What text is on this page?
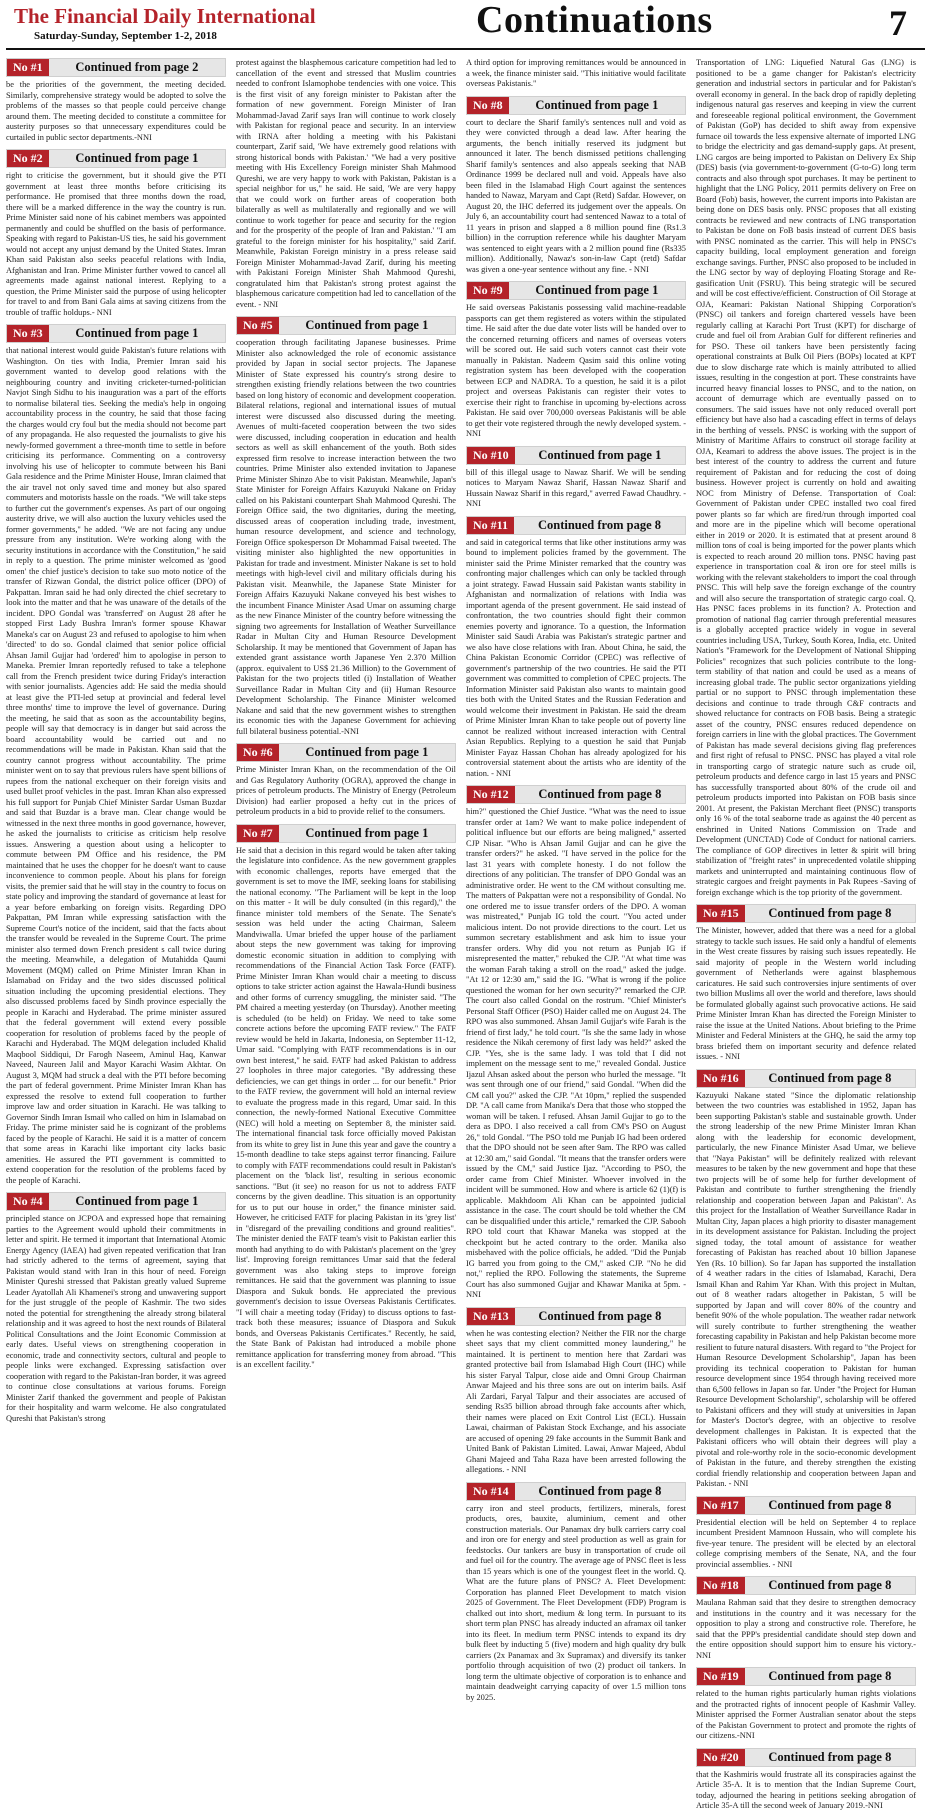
The Financial Daily International
Saturday-Sunday, September 1-2, 2018	Continuations	7
No #1	Continued from page 2
be the priorities of the government, the meeting decided. Similarly, comprehensive strategy would be adopted to solve the problems of the masses so that people could perceive change around them. The meeting decided to constitute a committee for austerity purposes so that unnecessary expenditures could be curtailed in public sector departments.-NNI
No #2	Continued from page 1
right to criticise the government, but it should give the PTI government at least three months before criticising its performance. He promised that three months down the road, there will be a marked difference in the way the country is run. Prime Minister said none of his cabinet members was appointed permanently and could be shuffled on the basis of performance. Speaking with regard to Pakistan-US ties, he said his government would not accept any unjust demand by the United States. Imran Khan said Pakistan also seeks peaceful relations with India, Afghanistan and Iran. Prime Minister further vowed to cancel all agreements made against national interest. Replying to a question, the Prime Minister said the purpose of using helicopter for travel to and from Bani Gala aims at saving citizens from the trouble of traffic holdups.- NNI
No #3	Continued from page 1
that national interest would guide Pakistan's future relations with Washington. On ties with India, Premier Imran said his government wanted to develop good relations with the neighbouring country and inviting cricketer-turned-politician Navjot Singh Sidhu to his inauguration was a part of the efforts to normalise bilateral ties. Seeking the media's help in ongoing accountability process in the country, he said that those facing the charges would cry foul but the media should not become part of any propaganda. He also requested the journalists to give his newly-formed government a three-month time to settle in before criticising its performance. Commenting on a controversy involving his use of helicopter to commute between his Bani Gala residence and the Prime Minister House, Imran claimed that the air travel not only saved time and money but also spared commuters and motorists hassle on the roads. "We will take steps to further cut the government's expenses. As part of our ongoing austerity drive, we will also auction the luxury vehicles used the former governments," he added. "We are not facing any undue pressure from any institution. We're working along with the security institutions in accordance with the Constitution," he said in reply to a question. The prime minister welcomed as 'good omen' the chief justice's decision to take suo moto notice of the transfer of Rizwan Gondal, the district police officer (DPO) of Pakpattan. Imran said he had only directed the chief secretary to look into the matter and that he was unaware of the details of the incident. DPO Gondal was 'transferred' on August 28 after he stopped First Lady Bushra Imran's former spouse Khawar Maneka's car on August 23 and refused to apologise to him when 'directed' to do so. Gondal claimed that senior police official Ahsan Jamil Gujjar had 'ordered' him to apologise in person to Maneka. Premier Imran reportedly refused to take a telephone call from the French president twice during Friday's interaction with senior journalists. Agencies add: He said the media should at least give the PTI-led setup at provincial and federal level three months' time to improve the level of governance. During the meeting, he said that as soon as the accountability begins, people will say that democracy is in danger but said across the board accountability would be carried out and no recommendations will be made in Pakistan. Khan said that the country cannot progress without accountability. The prime minister went on to say that previous rulers have spent billions of rupees from the national exchequer on their foreign visits and used bullet proof vehicles in the past. Imran Khan also expressed his full support for Punjab Chief Minister Sardar Usman Buzdar and said that Buzdar is a brave man. Clear change would be witnessed in the next three months in good governance, however, he asked the journalists to criticise as criticism help resolve issues. Answering a question about using a helicopter to commute between PM Office and his residence, the PM maintained that he uses the chopper for he doesn't want to cause inconvenience to common people. About his plans for foreign visits, the premier said that he will stay in the country to focus on state policy and improving the standard of governance at least for a year before embarking on foreign visits. Regarding DPO Pakpattan, PM Imran while expressing satisfaction with the Supreme Court's notice of the incident, said that the facts about the transfer would be revealed in the Supreme Court. The prime minister also termed down French president s call twice during the meeting. Meanwhile, a delegation of Mutahidda Qaumi Movement (MQM) called on Prime Minister Imran Khan in Islamabad on Friday and the two sides discussed political situation including the upcoming presidential elections. They also discussed problems faced by Sindh province especially the people in Karachi and Hyderabad. The prime minister assured that the federal government will extend every possible cooperation for resolution of problems faced by the people of Karachi and Hyderabad. The MQM delegation included Khalid Maqbool Siddiqui, Dr Farogh Naseem, Aminul Haq, Kanwar Naveed, Naureen Jalil and Mayor Karachi Wasim Akhtar. On August 3, MQM had struck a deal with the PTI before becoming the part of federal government. Prime Minister Imran Khan has expressed the resolve to extend full cooperation to further improve law and order situation in Karachi. He was talking to Governor Sindh Imran Ismail who called on him in Islamabad on Friday. The prime minister said he is cognizant of the problems faced by the people of Karachi. He said it is a matter of concern that some areas in Karachi like important city lacks basic amenities. He assured the PTI government is committed to extend cooperation for the resolution of the problems faced by the people of Karachi.
No #4	Continued from page 1
principled stance on JCPOA and expressed hope that remaining parties to the Agreement would uphold their commitments in letter and spirit. He termed it important that International Atomic Energy Agency (IAEA) had given repeated verification that Iran had strictly adhered to the terms of agreement, saying that Pakistan would stand with Iran in this hour of need. Foreign Minister Qureshi stressed that Pakistan greatly valued Supreme Leader Ayatollah Ali Khamenei's strong and unwavering support for the just struggle of the people of Kashmir. The two sides noted the potential for strengthening the already strong bilateral relationship and it was agreed to host the next rounds of Bilateral Political Consultations and the Joint Economic Commission at early dates. Useful views on strengthening cooperation in economic, trade and connectivity sectors, cultural and people to people links were exchanged. Expressing satisfaction over cooperation with regard to the Pakistan-Iran border, it was agreed to continue close consultations at various forums. Foreign Minister Zarif thanked the government and people of Pakistan for their hospitality and warm welcome. He also congratulated Qureshi that Pakistan's strong
protest against the blasphemous caricature competition had led to cancellation of the event and stressed that Muslim countries needed to confront Islamophobe tendencies with one voice. This is the first visit of any foreign minister to Pakistan after the formation of new government. Foreign Minister of Iran Mohammad-Javad Zarif says Iran will continue to work closely with Pakistan for regional peace and security. In an interview with IRNA after holding a meeting with his Pakistani counterpart, Zarif said, 'We have extremely good relations with strong historical bonds with Pakistan.' "We had a very positive meeting with His Excellency Foreign minister Shah Mahmood Qureshi, we are very happy to work with Pakistan, Pakistan is a special neighbor for us," he said. He said, 'We are very happy that we could work on further areas of cooperation both bilaterally as well as multilaterally and regionally and we will continue to work together for peace and security for the region and for the prosperity of the people of Iran and Pakistan.' "I am grateful to the foreign minister for his hospitality," said Zarif. Meanwhile, Pakistan Foreign ministry in a press release said Foreign Minister Mohammad-Javad Zarif, during his meeting with Pakistani Foreign Minister Shah Mahmood Qureshi, congratulated him that Pakistan's strong protest against the blasphemous caricature competition had led to cancellation of the event. - NNI
No #5	Continued from page 1
cooperation through facilitating Japanese businesses. Prime Minister also acknowledged the role of economic assistance provided by Japan in social sector projects. The Japanese Minister of State expressed his country's strong desire to strengthen existing friendly relations between the two countries based on long history of economic and development cooperation. Bilateral relations, regional and international issues of mutual interest were discussed also discussed during the meeting. Avenues of multi-faceted cooperation between the two sides were discussed, including cooperation in education and health sectors as well as skill enhancement of the youth. Both sides expressed firm resolve to increase interaction between the two countries. Prime Minister also extended invitation to Japanese Prime Minister Shinzo Abe to visit Pakistan. Meanwhile, Japan's State Minister for Foreign Affairs Kazuyuki Nakane on Friday called on his Pakistani counterpart Shah Mahmood Qureshi. The Foreign Office said, the two dignitaries, during the meeting, discussed areas of cooperation including trade, investment, human resource development, and science and technology, Foreign Office spokesperson Dr Mohammad Faisal tweeted. The visiting minister also highlighted the new opportunities in Pakistan for trade and investment. Minister Nakane is set to hold meetings with high-level civil and military officials during his Pakistan visit. Meanwhile, the Japanese State Minister for Foreign Affairs Kazuyuki Nakane conveyed his best wishes to the incumbent Finance Minister Asad Umar on assuming charge as the new Finance Minister of the country before witnessing the signing two agreements for Installation of Weather Surveillance Radar in Multan City and Human Resource Development Scholarship. It may be mentioned that Government of Japan has extended grant assistance worth Japanese Yen 2.370 Million (approx. equivalent to US$ 21.36 Million) to the Government of Pakistan for the two projects titled (i) Installation of Weather Surveillance Radar in Multan City and (ii) Human Resource Development Scholarship. The Finance Minister welcomed Nakane and said that the new government wishes to strengthen its economic ties with the Japanese Government for achieving full bilateral business potential.-NNI
No #6	Continued from page 1
Prime Minister Imran Khan, on the recommendation of the Oil and Gas Regulatory Authority (OGRA), approved the change in prices of petroleum products. The Ministry of Energy (Petroleum Division) had earlier proposed a hefty cut in the prices of petroleum products in a bid to provide relief to the consumers.
No #7	Continued from page 1
He said that a decision in this regard would be taken after taking the legislature into confidence. As the new government grapples with economic challenges, reports have emerged that the government is set to move the IMF, seeking loans for stabilising the national economy. "The Parliament will be kept in the loop on this matter - It will be duly consulted (in this regard)," the finance minister told members of the Senate. The Senate's session was held under the acting Chairman, Saleem Mandviwalla. Umar briefed the upper house of the parliament about steps the new government was taking for improving domestic economic situation in addition to complying with recommendations of the Financial Action Task Force (FATF). Prime Minister Imran Khan would chair a meeting to discuss options to take stricter action against the Hawala-Hundi business and other forms of currency smuggling, the minister said. "The PM chaired a meeting yesterday (on Thursday). Another meeting is scheduled (to be held) on Friday. We need to take some concrete actions before the upcoming FATF review." The FATF review would be held in Jakarta, Indonesia, on September 11-12, Umar said. "Complying with FATF recommendations is in our own best interest," he said. FATF had asked Pakistan to address 27 loopholes in three major categories. "By addressing these deficiencies, we can get things in order ... for our benefit." Prior to the FATF review, the government will hold an internal review to evaluate the progress made in this regard, Umar said. In this connection, the newly-formed National Executive Committee (NEC) will hold a meeting on September 8, the minister said. The international financial task force officially moved Pakistan from its white to grey list in June this year and gave the country a 15-month deadline to take steps against terror financing. Failure to comply with FATF recommendations could result in Pakistan's placement on the 'black list', resulting in serious economic sanctions. "But (it see) no reason for us not to address FATF concerns by the given deadline. This situation is an opportunity for us to put our house in order," the finance minister said. However, he criticised FATF for placing Pakistan in its 'grey list' in "disregard of the prevailing conditions and ground realities". The minister denied the FATF team's visit to Pakistan earlier this month had anything to do with Pakistan's placement on the 'grey list'. Improving foreign remittances Umar said that the federal government was also taking steps to improve foreign remittances. He said that the government was planning to issue Diaspora and Sukuk bonds. He appreciated the previous government's decision to issue Overseas Pakistanis Certificates. "I will chair a meeting today (Friday) to discuss options to fast-track both these measures; issuance of Diaspora and Sukuk bonds, and Overseas Pakistanis Certificates." Recently, he said, the State Bank of Pakistan had introduced a mobile phone remittance application for transferring money from abroad. "This is an excellent facility."
A third option for improving remittances would be announced in a week, the finance minister said. "This initiative would facilitate overseas Pakistanis."
No #8	Continued from page 1
court to declare the Sharif family's sentences null and void as they were convicted through a dead law. After hearing the arguments, the bench initially reserved its judgment but announced it later. The bench dismissed petitions challenging Sharif family's sentences and also appeals seeking that NAB Ordinance 1999 be declared null and void. Appeals have also been filed in the Islamabad High Court against the sentences handed to Nawaz, Maryam and Capt (Retd) Safdar. However, on August 20, the IHC deferred its judgement over the appeals. On July 6, an accountability court had sentenced Nawaz to a total of 11 years in prison and slapped a 8 million pound fine (Rs1.3 billion) in the corruption reference while his daughter Maryam was sentenced to eight years with a 2 million pound fine (Rs335 million). Additionally, Nawaz's son-in-law Capt (retd) Safdar was given a one-year sentence without any fine. - NNI
No #9	Continued from page 1
He said overseas Pakistanis possessing valid machine-readable passports can get them registered as voters within the stipulated time. He said after the due date voter lists will be handed over to the concerned returning officers and names of overseas voters will be scored out. He said such voters cannot cast their vote manually in Pakistan. Nadeem Qasim said this online voting registration system has been developed with the cooperation between ECP and NADRA. To a question, he said it is a pilot project and overseas Pakistanis can register their votes to exercise their right to franchise in upcoming by-elections across Pakistan. He said over 700,000 overseas Pakistanis will be able to get their vote registered through the newly developed system. - NNI
No #10	Continued from page 1
bill of this illegal usage to Nawaz Sharif. We will be sending notices to Maryam Nawaz Sharif, Hassan Nawaz Sharif and Hussain Nawaz Sharif in this regard," averred Fawad Chaudhry. - NNI
No #11	Continued from page 8
and said in categorical terms that like other institutions army was bound to implement policies framed by the government. The minister said the Prime Minister remarked that the country was confronting major challenges which can only be tackled through a joint strategy. Fawad Hussain said Pakistan wants stability in Afghanistan and normalization of relations with India was important agenda of the present government. He said instead of confrontation, the two countries should fight their common enemies poverty and ignorance. To a question, the Information Minister said Saudi Arabia was Pakistan's strategic partner and we also have close relations with Iran. About China, he said, the China Pakistan Economic Corridor (CPEC) was reflective of government's partnership of the two countries. He said the PTI government was committed to completion of CPEC projects. The Information Minister said Pakistan also wants to maintain good ties both with the United States and the Russian Federation and would welcome their investment in Pakistan. He said the dream of Prime Minister Imran Khan to take people out of poverty line cannot be realized without increased interaction with Central Asian Republics. Replying to a question he said that Punjab Minister Fayaz Hassan Chohan has already apologized for his controversial statement about the artists who are identity of the nation. - NNI
No #12	Continued from page 8
him?" questioned the Chief Justice. "What was the need to issue transfer order at 1am? We want to make police independent of political influence but our efforts are being maligned," asserted CJP Nisar. "Who is Ahsan Jamil Gujjar and can he give the transfer orders?" he asked. "I have served in the police for the last 31 years with complete honesty. I do not follow the directions of any politician. The transfer of DPO Gondal was an administrative order. He went to the CM without consulting me. The matters of Pakpattan were not a responsibility of Gondal. No one ordered me to issue transfer orders of the DPO. A woman was mistreated," Punjab IG told the court. "You acted under malicious intent. Do not provide directions to the court. Let us summon secretary establishment and ask him to issue your transfer orders. Why did you not return as Punjab IG if misrepresented the matter," rebuked the CJP. "At what time was the woman Farah taking a stroll on the road," asked the judge. "At 12 or 12:30 am," said the IG. "What is wrong if the police questioned the woman for her own security?" remarked the CJP. The court also called Gondal on the rostrum. "Chief Minister's Personal Staff Officer (PSO) Haider called me on August 24. The RPO was also summoned. Ahsan Jamil Gujjar's wife Farah is the friend of first lady," he told court. "Is she the same lady in whose residence the Nikah ceremony of first lady was held?" asked the CJP. "Yes, she is the same lady. I was told that I did not implement on the message sent to me," revealed Gondal. Justice Ijazul Ahsan asked about the person who hurled the message. "It was sent through one of our friend," said Gondal. "When did the CM call you?" asked the CJP. "At 10pm," replied the suspended DP. "A call came from Manika's Dera that those who stopped the woman will be taken. I refused. Ahsan Jamil Gujjar to go to the dera as DPO. I also received a call from CM's PSO on August 26," told Gondal. "The PSO told me Punjab IG had been ordered that the DPO should not be seen after 9am. The RPO was called at 12:30 am," said Gondal. "It means that the transfer orders were issued by the CM," said Justice Ijaz. "According to PSO, the order came from Chief Minister. Whoever involved in the incident will be summoned. How and where is article 62 (1)(f) is applicable. Makhdoom Ali Khan can be appointed judicial assistance in the case. The court should be told whether the CM can be disqualified under this article," remarked the CJP. Sabooh RPO told court that Khawar Maneka was stopped at the checkpoint but he acted contrary to the order. Manika also misbehaved with the police officials, he added. "Did the Punjab IG barred you from going to the CM," asked CJP. "No he did not," replied the RPO. Following the statements, the Supreme Court has also summoned Gujjar and Khawar Manika at 5pm. - NNI
No #13	Continued from page 8
when he was contesting election? Neither the FIR nor the charge sheet says that my client committed money laundering," he maintained. It is pertinent to mention here that Zardari was granted protective bail from Islamabad High Court (IHC) while his sister Faryal Talpur, close aide and Omni Group Chairman Anwar Majeed and his three sons are out on interim bails. Asif Ali Zardari, Faryal Talpur and their associates are accused of sending Rs35 billion abroad through fake accounts after which, their names were placed on Exit Control List (ECL). Hussain Lawai, chairman of Pakistan Stock Exchange, and his associate are accused of opening 29 fake accounts in the Summit Bank and United Bank of Pakistan Limited. Lawai, Anwar Majeed, Abdul Ghani Majeed and Taha Raza have been arrested following the allegations. - NNI
No #14	Continued from page 8
carry iron and steel products, fertilizers, minerals, forest products, ores, bauxite, aluminium, cement and other construction materials. Our Panamax dry bulk carriers carry coal and iron ore for energy and steel production as well as grain for feedstocks. Our tankers are busy in transportation of crude oil and fuel oil for the country. The average age of PNSC fleet is less than 15 years which is one of the youngest fleet in the world. Q. What are the future plans of PNSC? A. Fleet Development: Corporation has planned Fleet Development to match vision 2025 of Government. The Fleet Development (FDP) Program is chalked out into short, medium & long term. In pursuant to its short term plan PNSC has already inducted an aframax oil tanker into its fleet. In medium term PNSC intends to expand its dry bulk fleet by inducting 5 (five) modern and high quality dry bulk carriers (2x Panamax and 3x Supramax) and diversify its tanker portfolio through acquisition of two (2) product oil tankers. In long term the ultimate objective of corporation is to enhance and maintain deadweight carrying capacity of over 1.5 million tons by 2025.
Transportation of LNG: Liquefied Natural Gas (LNG) is positioned to be a game changer for Pakistan's electricity generation and industrial sectors in particular and for Pakistan's overall economy in general. In the back drop of rapidly depleting indigenous natural gas reserves and keeping in view the current and foreseeable regional political environment, the Government of Pakistan (GoP) has decided to shift away from expensive furnace oil towards the less expensive alternate of imported LNG to bridge the electricity and gas demand-supply gaps. At present, LNG cargos are being imported to Pakistan on Delivery Ex Ship (DES) basis (via government-to-government (G-to-G) long term contracts and also through spot purchases. It may be pertinent to highlight that the LNG Policy, 2011 permits delivery on Free on Board (Fob) basis, however, the current imports into Pakistan are being done on DES basis only. PNSC proposes that all existing contracts be reviewed and new contracts of LNG transportation to Pakistan be done on FoB basis instead of current DES basis with PNSC nominated as the carrier. This will help in PNSC's capacity building, local employment generation and foreign exchange savings. Further, PNSC also proposed to be included in the LNG sector by way of deploying Floating Storage and Re-gasification Unit (FSRU). This being strategic will be secured and will be cost effective/efficient. Construction of Oil Storage at OJA, Keamari: Pakistan National Shipping Corporation's (PNSC) oil tankers and foreign chartered vessels have been regularly calling at Karachi Port Trust (KPT) for discharge of crude and fuel oil from Arabian Gulf for different refineries and for PSO. These oil tankers have been persistently facing operational constraints at Bulk Oil Piers (BOPs) located at KPT due to slow discharge rate which is mainly attributed to allied issues, resulting in the congestion at port. These constraints have incurred heavy financial losses to PNSC, and to the nation, on account of demurrage which are eventually passed on to consumers. The said issues have not only reduced overall port efficiency but have also had a cascading effect in terms of delays in the berthing of vessels. PNSC is working with the support of Ministry of Maritime Affairs to construct oil storage facility at OJA, Keamari to address the above issues. The project is in the best interest of the country to address the current and future requirement of Pakistan and for reducing the cost of doing business. However project is currently on hold and awaiting NOC from Ministry of Defense. Transportation of Coal: Government of Pakistan under CPEC installed two coal fired power plants so far which are fired/run through imported coal and more are in the pipeline which will become operational either in 2019 or 2020. It is estimated that at present around 8 million tons of coal is being imported for the power plants which is expected to reach around 20 million tons. PNSC having past experience in transportation coal & iron ore for steel mills is working with the relevant stakeholders to import the coal through PNSC. This will help save the foreign exchange of the country and will also secure the transportation of strategic cargo coal. Q. Has PNSC faces problems in its function? A. Protection and promotion of national flag carrier through preferential measures is a globally accepted practice widely in vogue in several countries including USA, Turkey, South Korea, India, etc. United Nation's "Framework for the Development of National Shipping Policies" recognizes that such policies contribute to the long-term stability of that nation and could be used as a means of increasing global trade. The public sector organizations yielding partial or no support to PNSC through implementation these decisions and continue to trade through C&F contracts and showed reluctance for contracts on FOB basis. Being a strategic asset of the country, PNSC ensures reduced dependence on foreign carriers in line with the global practices. The Government of Pakistan has made several decisions giving flag preferences and first right of refusal to PNSC. PNSC has played a vital role in transporting cargo of strategic nature such as crude oil, petroleum products and defence cargo in last 15 years and PNSC has successfully transported about 80% of the crude oil and petroleum products imported into Pakistan on FOB basis since 2001. At present, the Pakistan Merchant fleet (PNSC) transports only 16 % of the total seaborne trade as against the 40 percent as enshrined in United Nations Commission on Trade and Development (UNCTAD) Code of Conduct for national carriers. The compliance of GOP directives in letter & spirit will bring stabilization of "freight rates" in unprecedented volatile shipping markets and uninterrupted and maintaining continuous flow of strategic cargoes and freight payments in Pak Rupees -Saving of foreign exchange which is the top priority of the government.
No #15	Continued from page 8
The Minister, however, added that there was a need for a global strategy to tackle such issues. He said only a handful of elements in the West create fissures by raising such issues repeatedly. He said majority of people in the Western world including government of Netherlands were against blasphemous caricatures. He said such controversies injure sentiments of over two billion Muslims all over the world and therefore, laws should be formulated globally against such provocative actions. He said Prime Minister Imran Khan has directed the Foreign Minister to raise the issue at the United Nations. About briefing to the Prime Minister and Federal Ministers at the GHQ, he said the army top brass briefed them on important security and defence related issues. - NNI
No #16	Continued from page 8
Kazuyuki Nakane stated "Since the diplomatic relationship between the two countries was established in 1952, Japan has been supporting Pakistan's stable and sustainable growth. Under the strong leadership of the new Prime Minister Imran Khan along with the leadership for economic development, particularly, the new Finance Minister Asad Umar, we believe that "Naya Pakistan" will be definitely realized with relevant measures to be taken by the new government and hope that these two projects will be of some help for further development of Pakistan and contribute to further strengthening the friendly relationship and cooperation between Japan and Pakistan". As this project for the Installation of Weather Surveillance Radar in Multan City, Japan places a high priority to disaster management in its development assistance for Pakistan. Including the project signed today, the total amount of assistance for weather forecasting of Pakistan has reached about 10 billion Japanese Yen (Rs. 10 billion). So far Japan has supported the installation of 4 weather radars in the cities of Islamabad, Karachi, Dera Ismail Khan and Rahim Yar Khan. With this project in Multan, out of 8 weather radars altogether in Pakistan, 5 will be supported by Japan and will cover 80% of the country and benefit 90% of the whole population. The weather radar network will surely contribute to further strengthening the weather forecasting capability in Pakistan and help Pakistan become more resilient to future natural disasters. With regard to "the Project for Human Resource Development Scholarship", Japan has been providing its technical cooperation to Pakistan for human resource development since 1954 through having received more than 6,500 fellows in Japan so far. Under "the Project for Human Resource Development Scholarship", scholarship will be offered to Pakistani officers and they will study at universities in Japan for Master's Doctor's degree, with an objective to resolve development challenges in Pakistan. It is expected that the Pakistani officers who will obtain their degrees will play a pivotal and role-worthy role in the socio-economic development of Pakistan in the future, and thereby strengthen the existing cordial friendly relationship and cooperation between Japan and Pakistan. - NNI
No #17	Continued from page 8
Presidential election will be held on September 4 to replace incumbent President Mamnoon Hussain, who will complete his five-year tenure. The president will be elected by an electoral college comprising members of the Senate, NA, and the four provincial assemblies. - NNI
No #18	Continued from page 8
Maulana Rahman said that they desire to strengthen democracy and institutions in the country and it was necessary for the opposition to play a strong and constructive role. Therefore, he said that the PPP's presidential candidate should step down and the entire opposition should support him to ensure his victory.-NNI
No #19	Continued from page 8
related to the human rights particularly human rights violations and the protracted rights of innocent people of Kashmir Valley. Minister apprised the Former Australian senator about the steps of the Pakistan Government to protect and promote the rights of our citizens.-NNI
No #20	Continued from page 8
that the Kashmiris would frustrate all its conspiracies against the Article 35-A. It is to mention that the Indian Supreme Court, today, adjourned the hearing in petitions seeking abrogation of Article 35-A till the second week of January 2019.-NNI
